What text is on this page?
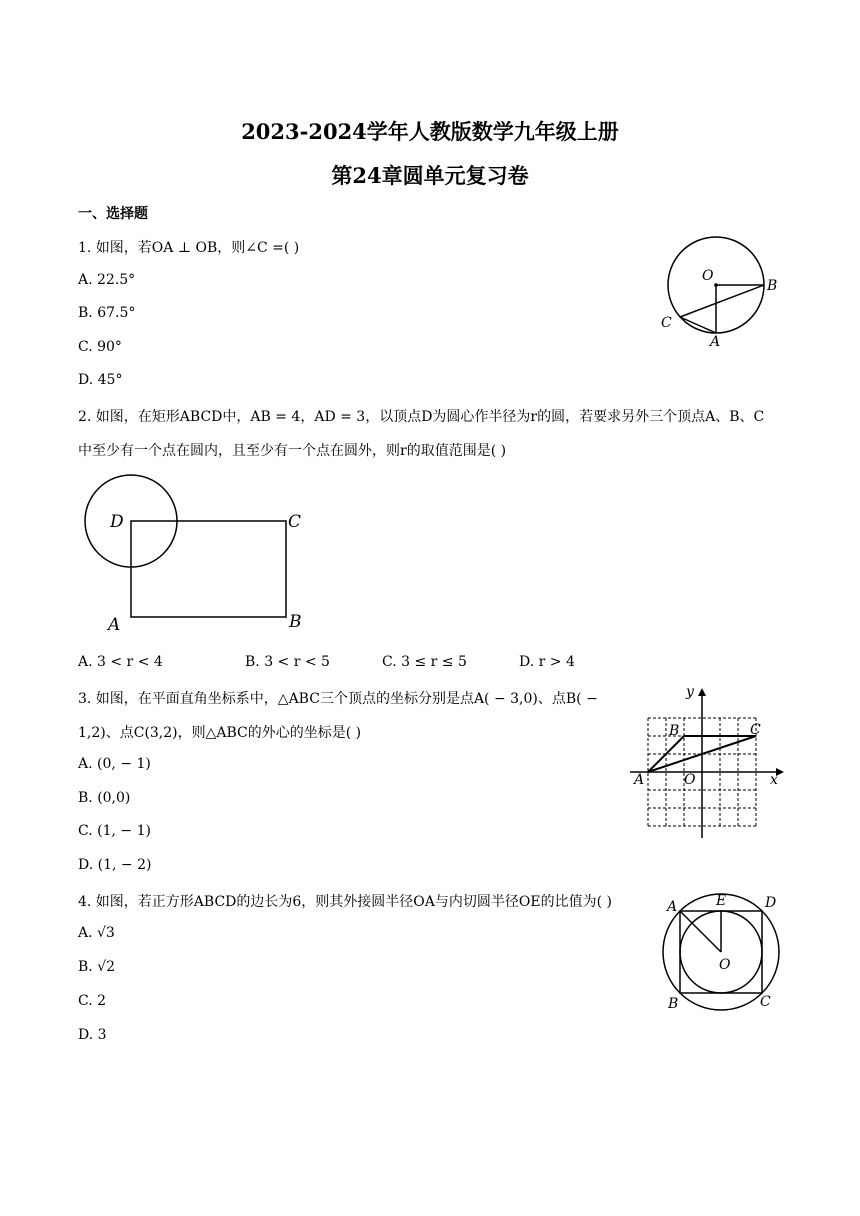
2023-2024学年人教版数学九年级上册
第24章圆单元复习卷
一、选择题
1. 如图，若OA ⊥ OB，则∠C =( )
A. 22.5°
B. 67.5°
C. 90°
D. 45°
O
B
C
A
2. 如图，在矩形ABCD中，AB = 4，AD = 3，以顶点D为圆心作半径为r的圆，若要求另外三个顶点A、B、C
中至少有一个点在圆内，且至少有一个点在圆外，则r的取值范围是( )
D	C
A	B
A. 3 < r < 4	B. 3 < r < 5	C. 3 ≤ r ≤ 5	D. r > 4
3. 如图，在平面直角坐标系中，△ABC三个顶点的坐标分别是点A( − 3,0)、点B( −
1,2)、点C(3,2)，则△ABC的外心的坐标是( )
A. (0, − 1)
B. (0,0)
C. (1, − 1)
D. (1, − 2)
y
x
B	C
A	O
4. 如图，若正方形ABCD的边长为6，则其外接圆半径OA与内切圆半径OE的比值为( )
A. √3
B. √2
C. 2
D. 3
A	E	D
O
B	C
